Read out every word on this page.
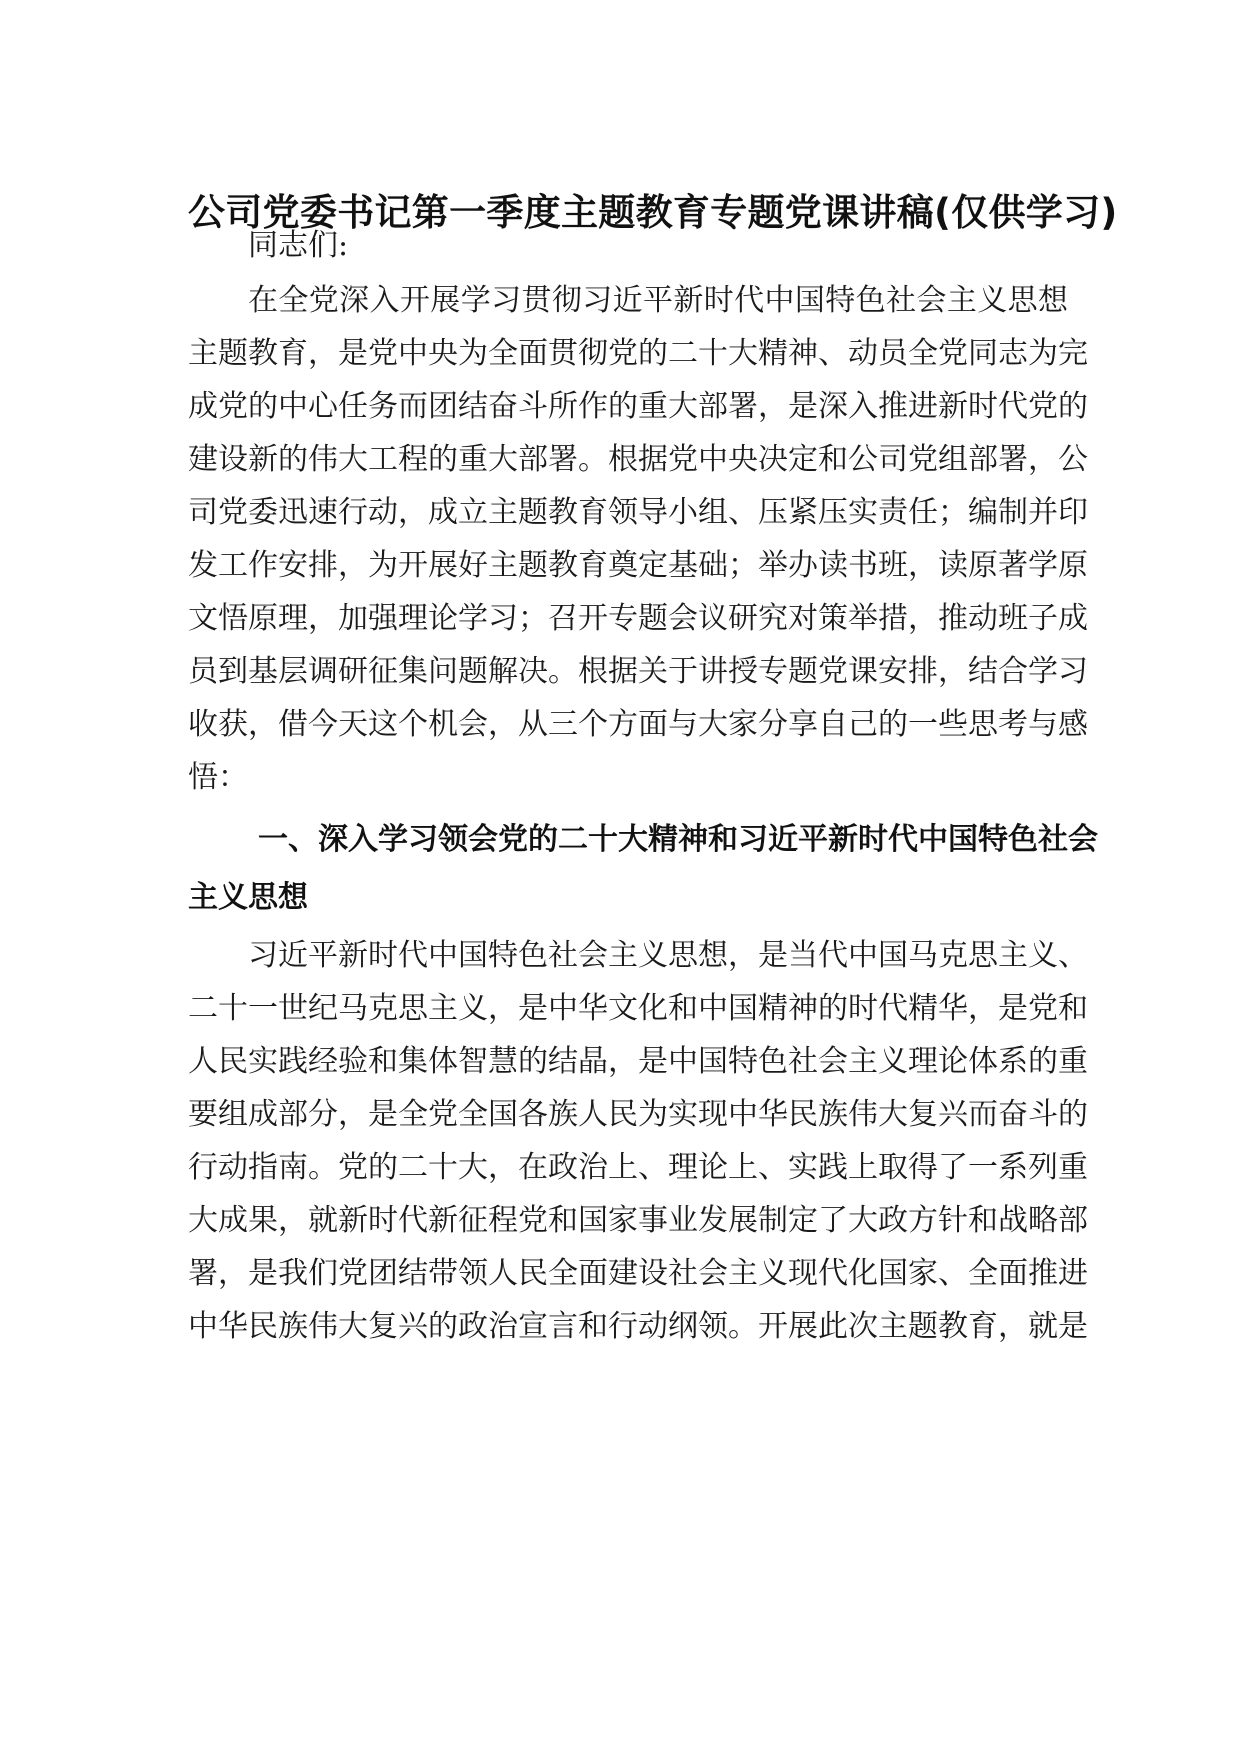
公司党委书记第一季度主题教育专题党课讲稿(仅供学习)
同志们:
在全党深入开展学习贯彻习近平新时代中国特色社会主义思想
主题教育，是党中央为全面贯彻党的二十大精神、动员全党同志为完
成党的中心任务而团结奋斗所作的重大部署，是深入推进新时代党的
建设新的伟大工程的重大部署。根据党中央决定和公司党组部署，公
司党委迅速行动，成立主题教育领导小组、压紧压实责任；编制并印
发工作安排，为开展好主题教育奠定基础；举办读书班，读原著学原
文悟原理，加强理论学习；召开专题会议研究对策举措，推动班子成
员到基层调研征集问题解决。根据关于讲授专题党课安排，结合学习
收获，借今天这个机会，从三个方面与大家分享自己的一些思考与感
悟：
一、深入学习领会党的二十大精神和习近平新时代中国特色社会
主义思想
习近平新时代中国特色社会主义思想，是当代中国马克思主义、
二十一世纪马克思主义，是中华文化和中国精神的时代精华，是党和
人民实践经验和集体智慧的结晶，是中国特色社会主义理论体系的重
要组成部分，是全党全国各族人民为实现中华民族伟大复兴而奋斗的
行动指南。党的二十大，在政治上、理论上、实践上取得了一系列重
大成果，就新时代新征程党和国家事业发展制定了大政方针和战略部
署，是我们党团结带领人民全面建设社会主义现代化国家、全面推进
中华民族伟大复兴的政治宣言和行动纲领。开展此次主题教育，就是
